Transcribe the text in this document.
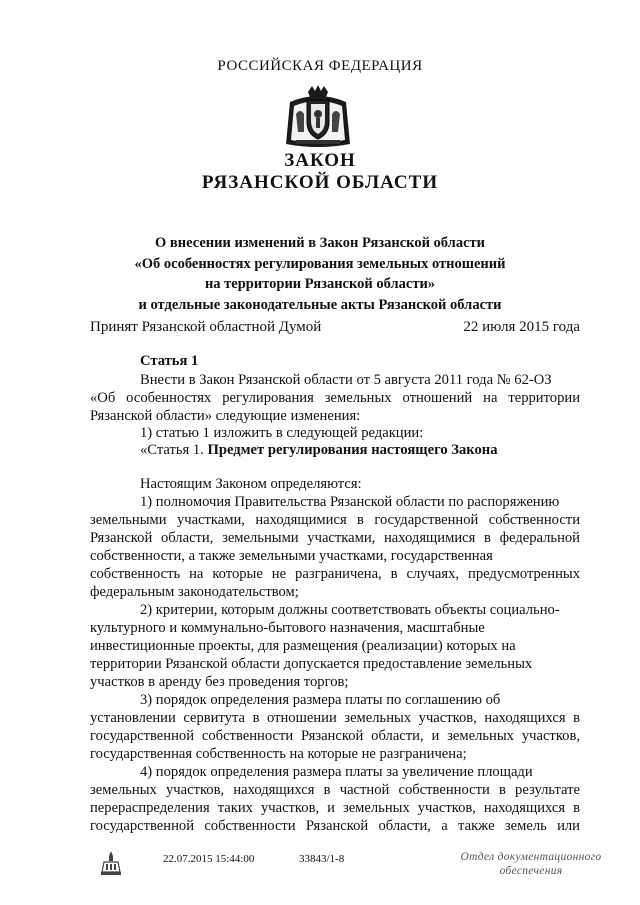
РОССИЙСКАЯ ФЕДЕРАЦИЯ
ЗАКОН
РЯЗАНСКОЙ ОБЛАСТИ
О внесении изменений в Закон Рязанской области
«Об особенностях регулирования земельных отношений
на территории Рязанской области»
и отдельные законодательные акты Рязанской области
Принят Рязанской областной Думой	22 июля 2015 года
Статья 1
Внести в Закон Рязанской области от 5 августа 2011 года № 62-ОЗ
«Об особенностях регулирования земельных отношений на территории
Рязанской области» следующие изменения:
1) статью 1 изложить в следующей редакции:
«Статья 1. Предмет регулирования настоящего Закона
Настоящим Законом определяются:
1) полномочия Правительства Рязанской области по распоряжению
земельными участками, находящимися в государственной собственности
Рязанской области, земельными участками, находящимися в федеральной
собственности, а также земельными участками, государственная
собственность на которые не разграничена, в случаях, предусмотренных
федеральным законодательством;
2) критерии, которым должны соответствовать объекты социально-
культурного и коммунально-бытового назначения, масштабные
инвестиционные проекты, для размещения (реализации) которых на
территории Рязанской области допускается предоставление земельных
участков в аренду без проведения торгов;
3) порядок определения размера платы по соглашению об
установлении сервитута в отношении земельных участков, находящихся в
государственной собственности Рязанской области, и земельных участков,
государственная собственность на которые не разграничена;
4) порядок определения размера платы за увеличение площади
земельных участков, находящихся в частной собственности в результате
перераспределения таких участков, и земельных участков, находящихся в
государственной собственности Рязанской области, а также земель или
22.07.2015 15:44:00	33843/1-8	Отдел документационного
обеспечения
